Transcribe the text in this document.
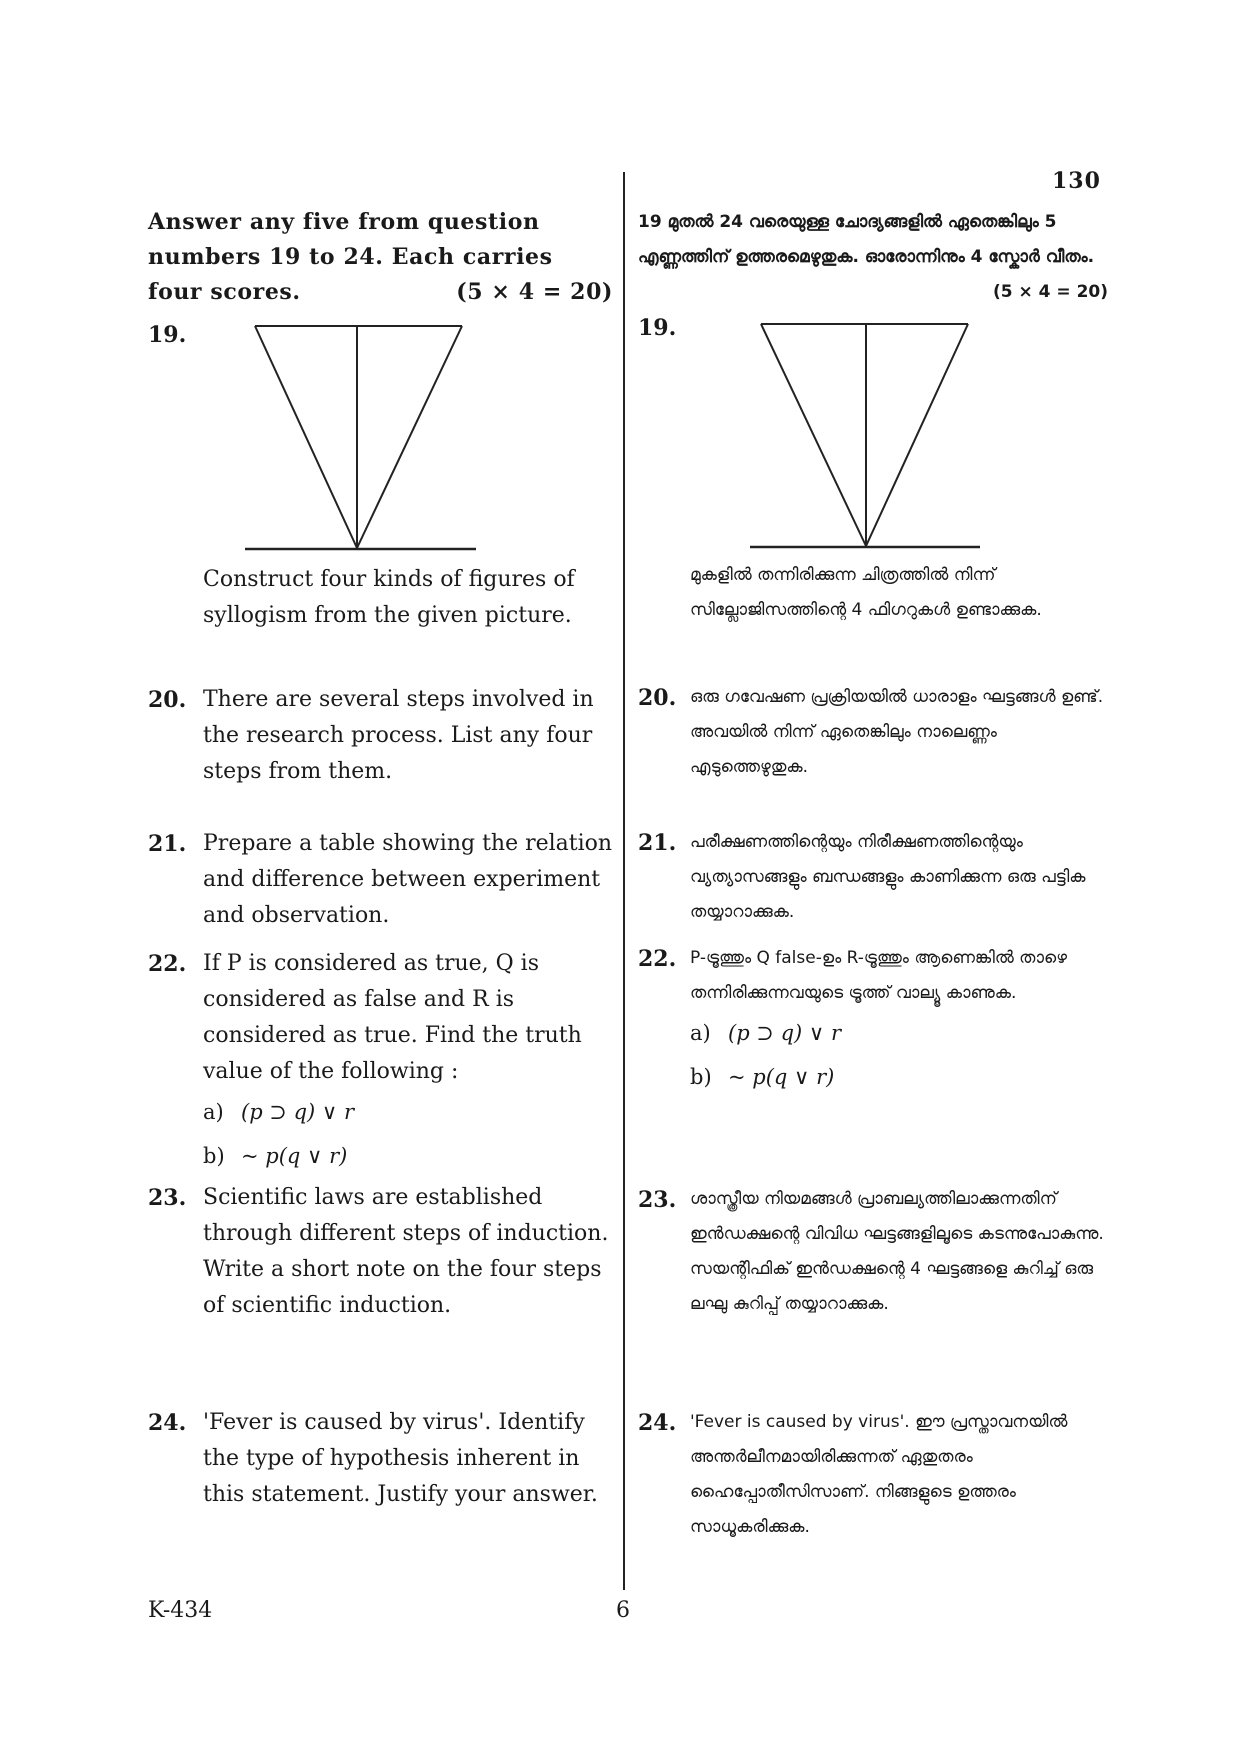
130
Answer any five from question numbers 19 to 24. Each carries four scores.	(5 × 4 = 20)
19.
Construct four kinds of figures of syllogism from the given picture.
20. There are several steps involved in the research process. List any four steps from them.
21. Prepare a table showing the relation and difference between experiment and observation.
22. If P is considered as true, Q is considered as false and R is considered as true. Find the truth value of the following :
a) (p ⊃ q) ∨ r
b) ~ p(q ∨ r)
23. Scientific laws are established through different steps of induction. Write a short note on the four steps of scientific induction.
24. 'Fever is caused by virus'. Identify the type of hypothesis inherent in this statement. Justify your answer.
19 മുതൽ 24 വരെയുള്ള ചോദ്യങ്ങളിൽ ഏതെങ്കിലും 5 എണ്ണത്തിന് ഉത്തരമെഴുതുക. ഓരോന്നിനും 4 സ്കോർ വീതം.
(5 × 4 = 20)
19.
മുകളിൽ തന്നിരിക്കുന്ന ചിത്രത്തിൽ നിന്ന് സില്ലോജിസത്തിന്റെ 4 ഫിഗറുകൾ ഉണ്ടാക്കുക.
20. ഒരു ഗവേഷണ പ്രക്രിയയിൽ ധാരാളം ഘട്ടങ്ങൾ ഉണ്ട്. അവയിൽ നിന്ന് ഏതെങ്കിലും നാലെണ്ണം എടുത്തെഴുതുക.
21. പരീക്ഷണത്തിന്റെയും നിരീക്ഷണത്തിന്റെയും വ്യത്യാസങ്ങളും ബന്ധങ്ങളും കാണിക്കുന്ന ഒരു പട്ടിക തയ്യാറാക്കുക.
22. P-ട്രൂത്തും Q false-ഉം R-ട്രൂത്തും ആണെങ്കിൽ താഴെ തന്നിരിക്കുന്നവയുടെ ട്രൂത്ത് വാല്യൂ കാണുക.
a) (p ⊃ q) ∨ r
b) ~ p(q ∨ r)
23. ശാസ്ത്രീയ നിയമങ്ങൾ പ്രാബല്യത്തിലാക്കുന്നതിന് ഇൻഡക്ഷന്റെ വിവിധ ഘട്ടങ്ങളിലൂടെ കടന്നുപോകുന്നു. സയന്റിഫിക് ഇൻഡക്ഷന്റെ 4 ഘട്ടങ്ങളെ കുറിച്ച് ഒരു ലഘു കുറിപ്പ് തയ്യാറാക്കുക.
24. 'Fever is caused by virus'. ഈ പ്രസ്താവനയിൽ അന്തർലീനമായിരിക്കുന്നത് ഏതുതരം ഹൈപ്പോതീസിസാണ്. നിങ്ങളുടെ ഉത്തരം സാധൂകരിക്കുക.
K-434	6
